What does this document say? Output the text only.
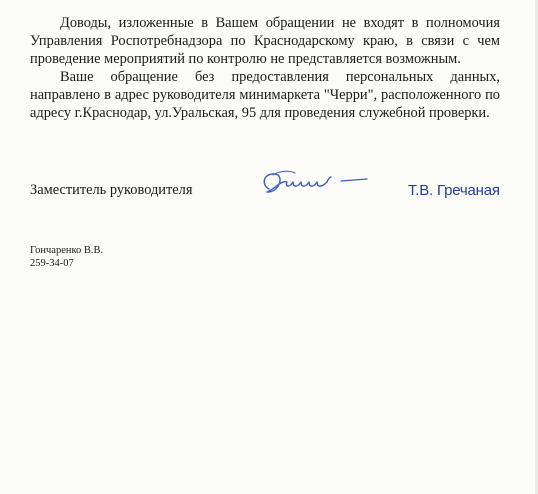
Доводы, изложенные в Вашем обращении не входят в полномочия Управления Роспотребнадзора по Краснодарскому краю, в связи с чем проведение мероприятий по контролю не представляется возможным.

Ваше обращение без предоставления персональных данных, направлено в адрес руководителя минимаркета "Черри", расположенного по адресу г.Краснодар, ул.Уральская, 95 для проведения служебной проверки.

Заместитель руководителя	Т.В. Гречаная
Гончаренко В.В.
259-34-07
